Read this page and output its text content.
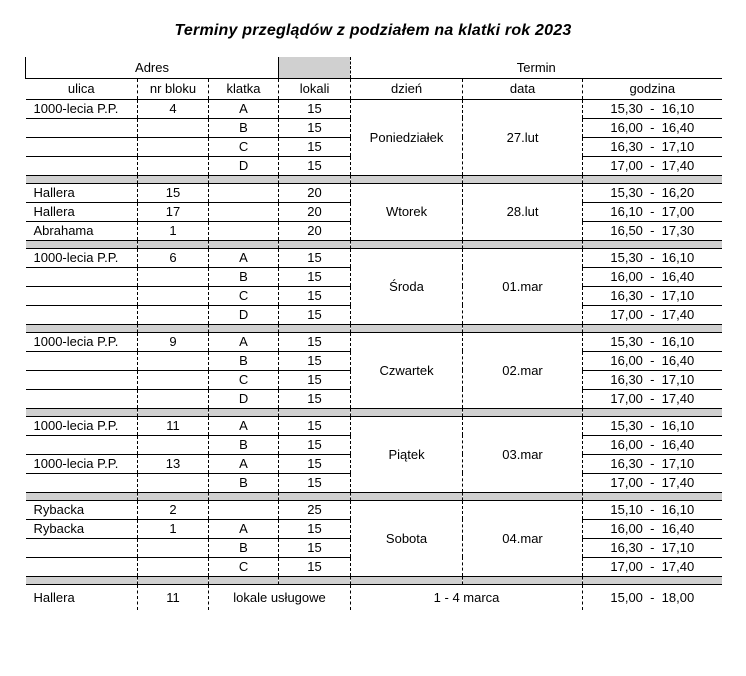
Terminy przeglądów z podziałem na klatki rok 2023
Adres				Termin		
ulica	nr bloku	klatka	lokali	dzień	data	godzina
1000-lecia P.P.	4	A	15	Poniedziałek	27.lut	15,30  -  16,10
		B	15			16,00  -  16,40
		C	15			16,30  -  17,10
		D	15			17,00  -  17,40

Hallera	15		20	Wtorek	28.lut	15,30  -  16,20
Hallera	17		20			16,10  -  17,00
Abrahama	1		20			16,50  -  17,30

1000-lecia P.P.	6	A	15	Środa	01.mar	15,30  -  16,10
		B	15			16,00  -  16,40
		C	15			16,30  -  17,10
		D	15			17,00  -  17,40

1000-lecia P.P.	9	A	15	Czwartek	02.mar	15,30  -  16,10
		B	15			16,00  -  16,40
		C	15			16,30  -  17,10
		D	15			17,00  -  17,40

1000-lecia P.P.	11	A	15	Piątek	03.mar	15,30  -  16,10
		B	15			16,00  -  16,40
1000-lecia P.P.	13	A	15			16,30  -  17,10
		B	15			17,00  -  17,40

Rybacka	2		25	Sobota	04.mar	15,10  -  16,10
Rybacka	1	A	15			16,00  -  16,40
		B	15			16,30  -  17,10
		C	15			17,00  -  17,40

Hallera	11	lokale usługowe		1 - 4 marca		15,00  -  18,00
